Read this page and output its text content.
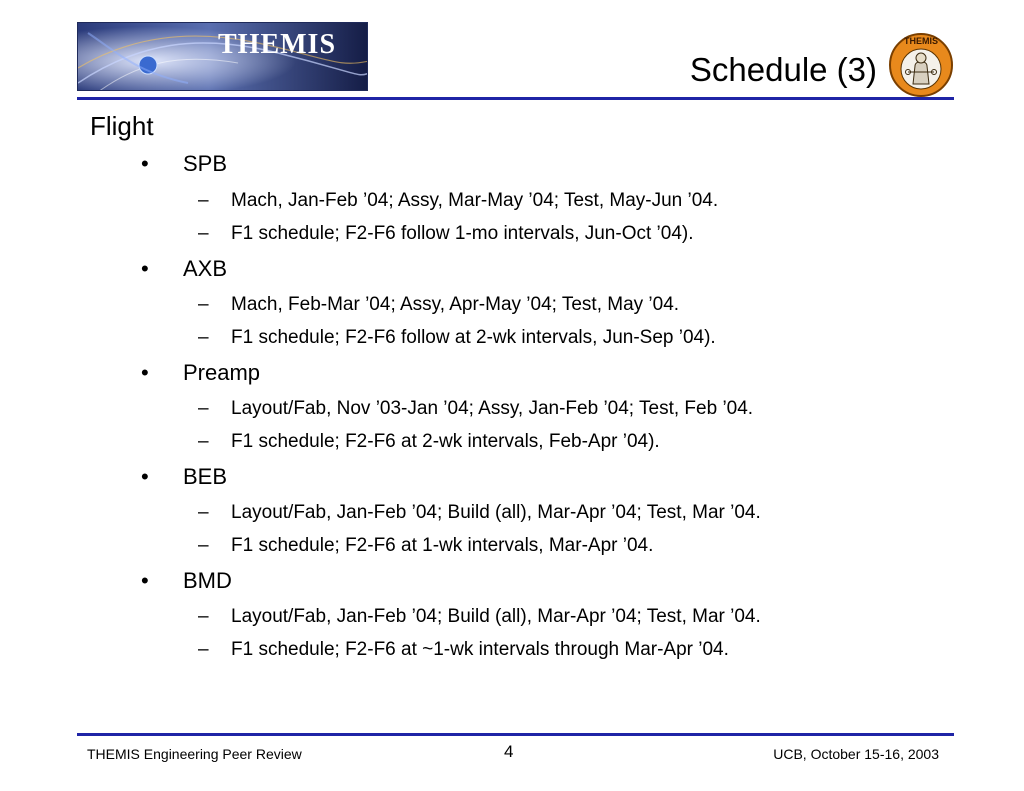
THEMIS
Schedule (3)
THEMIS
Flight
• SPB
– Mach, Jan-Feb ’04; Assy, Mar-May ’04; Test, May-Jun ’04.
– F1 schedule; F2-F6 follow 1-mo intervals, Jun-Oct ’04).
• AXB
– Mach, Feb-Mar ’04; Assy, Apr-May ’04; Test, May ’04.
– F1 schedule; F2-F6 follow at 2-wk intervals, Jun-Sep ’04).
• Preamp
– Layout/Fab, Nov ’03-Jan ’04; Assy, Jan-Feb ’04; Test, Feb ’04.
– F1 schedule; F2-F6 at 2-wk intervals, Feb-Apr ’04).
• BEB
– Layout/Fab, Jan-Feb ’04; Build (all), Mar-Apr ’04; Test, Mar ’04.
– F1 schedule; F2-F6 at 1-wk intervals, Mar-Apr ’04.
• BMD
– Layout/Fab, Jan-Feb ’04; Build (all), Mar-Apr ’04; Test, Mar ’04.
– F1 schedule; F2-F6 at ~1-wk intervals through Mar-Apr ’04.
THEMIS Engineering Peer Review	4	UCB, October 15-16, 2003
